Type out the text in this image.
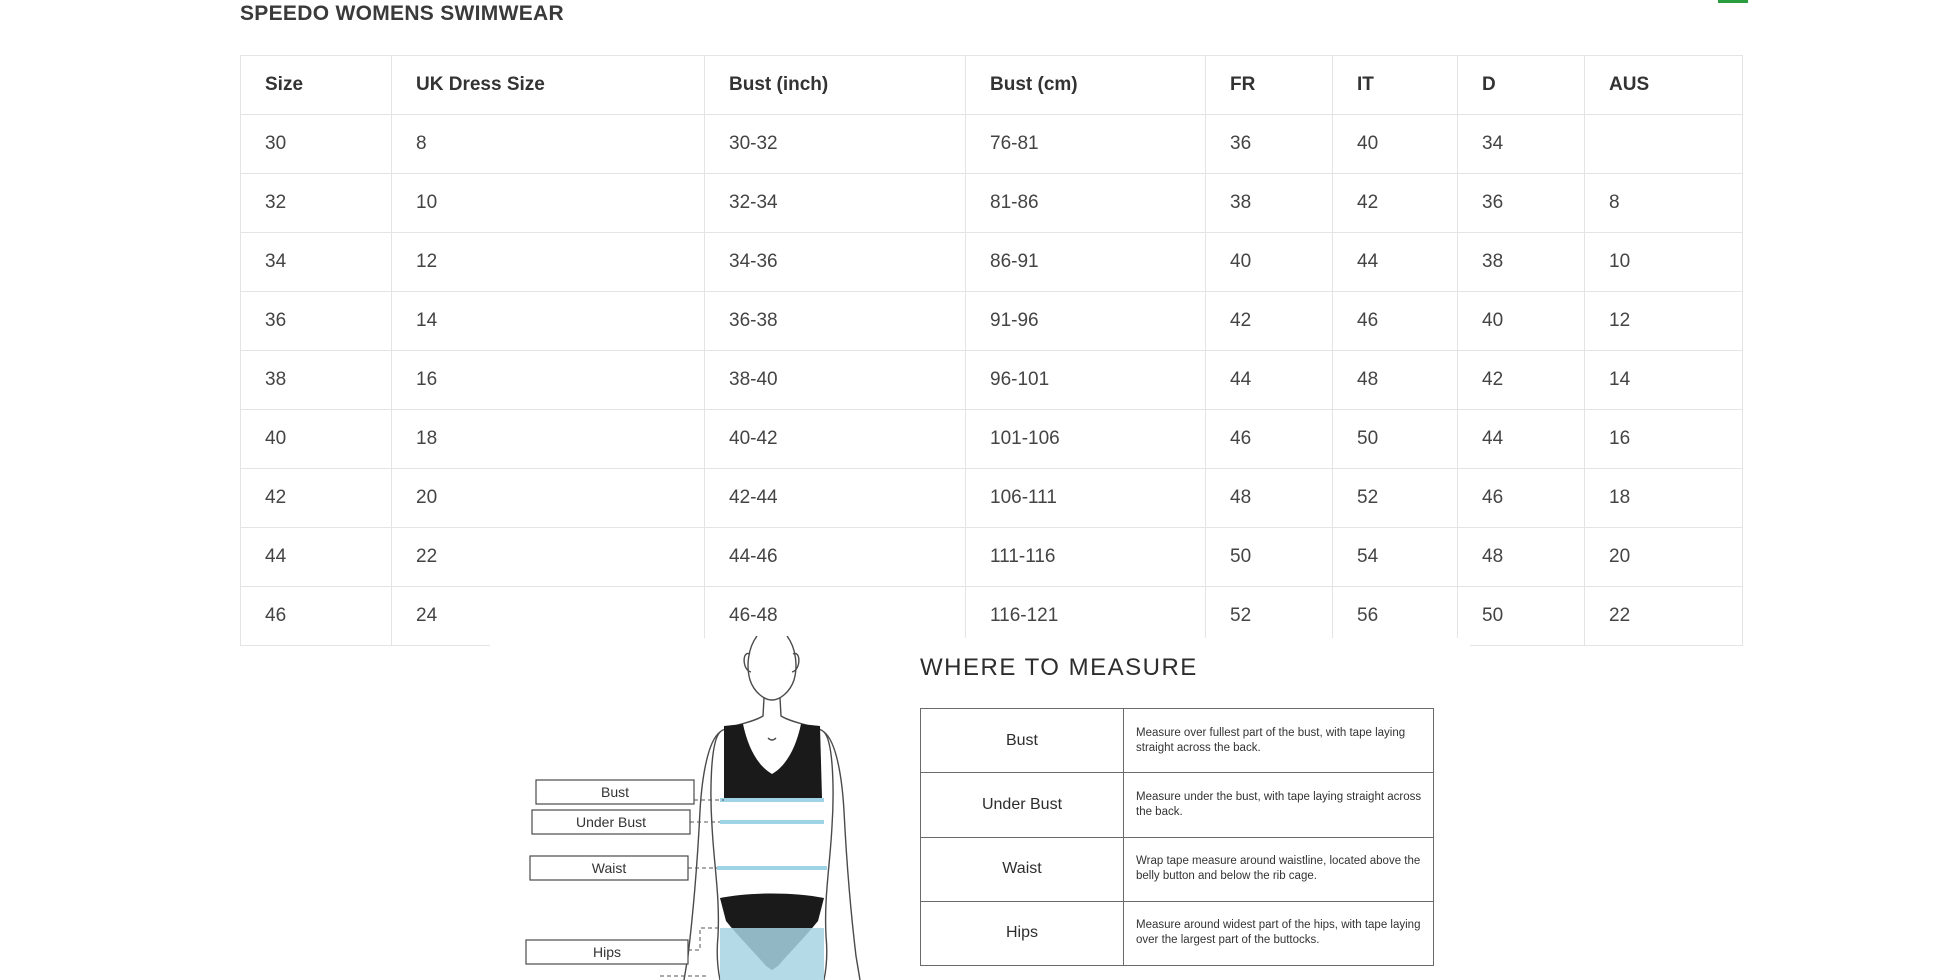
SPEEDO WOMENS SWIMWEAR
Size	UK Dress Size	Bust (inch)	Bust (cm)	FR	IT	D	AUS
30	8	30-32	76-81	36	40	34	
32	10	32-34	81-86	38	42	36	8
34	12	34-36	86-91	40	44	38	10
36	14	36-38	91-96	42	46	40	12
38	16	38-40	96-101	44	48	42	14
40	18	40-42	101-106	46	50	44	16
42	20	42-44	106-111	48	52	46	18
44	22	44-46	111-116	50	54	48	20
46	24	46-48	116-121	52	56	50	22
Bust
Under Bust
Waist
Hips
WHERE TO MEASURE
Bust	Measure over fullest part of the bust, with tape laying straight across the back.
Under Bust	Measure under the bust, with tape laying straight across the back.
Waist	Wrap tape measure around waistline, located above the belly button and below the rib cage.
Hips	Measure around widest part of the hips, with tape laying over the largest part of the buttocks.
